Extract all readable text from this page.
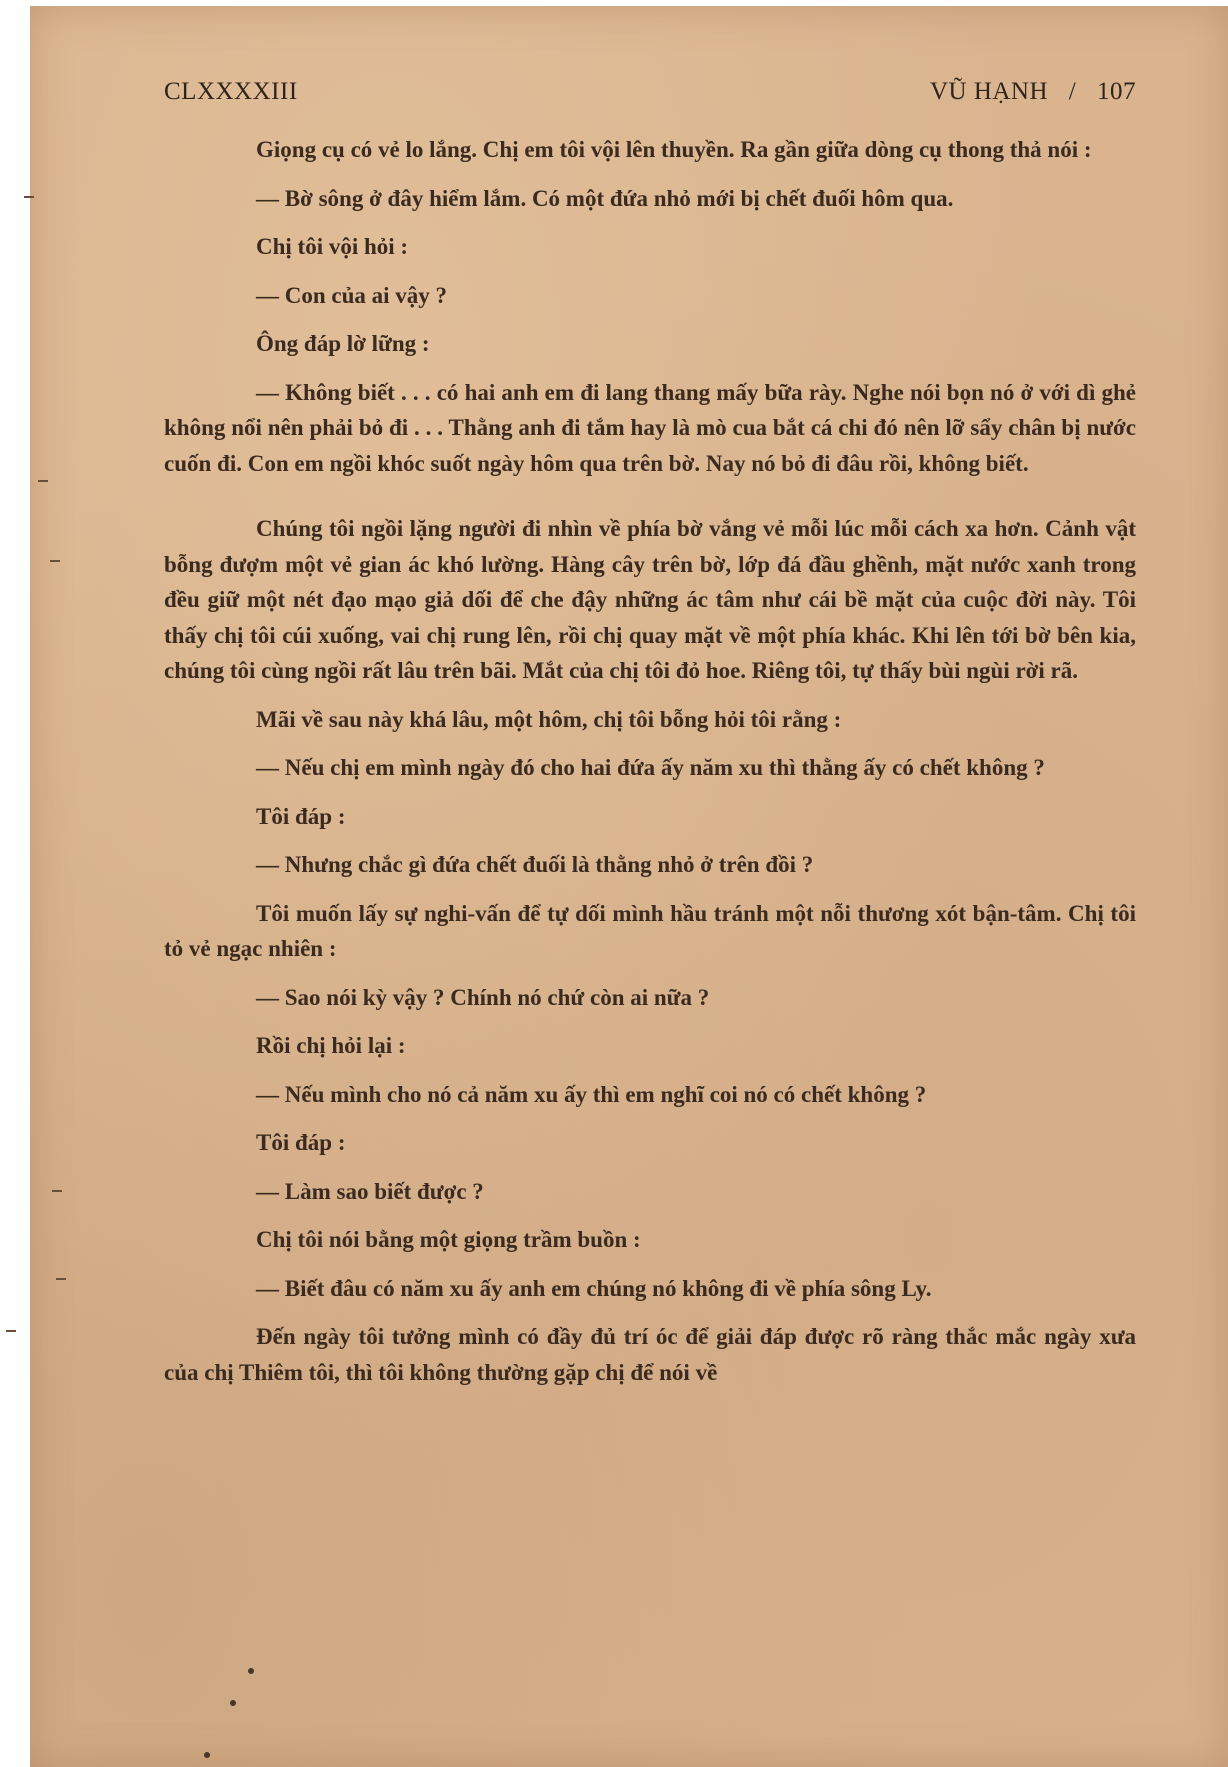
CLXXXXIII	VŨ HẠNH / 107

Giọng cụ có vẻ lo lắng. Chị em tôi vội lên thuyền. Ra gần giữa dòng cụ thong thả nói :

— Bờ sông ở đây hiểm lắm. Có một đứa nhỏ mới bị chết đuối hôm qua.

Chị tôi vội hỏi :

— Con của ai vậy ?

Ông đáp lờ lững :

— Không biết . . . có hai anh em đi lang thang mấy bữa rày. Nghe nói bọn nó ở với dì ghẻ không nổi nên phải bỏ đi . . . Thằng anh đi tắm hay là mò cua bắt cá chi đó nên lỡ sẩy chân bị nước cuốn đi. Con em ngồi khóc suốt ngày hôm qua trên bờ. Nay nó bỏ đi đâu rồi, không biết.

Chúng tôi ngồi lặng người đi nhìn về phía bờ vắng vẻ mỗi lúc mỗi cách xa hơn. Cảnh vật bỗng đượm một vẻ gian ác khó lường. Hàng cây trên bờ, lớp đá đầu ghềnh, mặt nước xanh trong đều giữ một nét đạo mạo giả dối để che đậy những ác tâm như cái bề mặt của cuộc đời này. Tôi thấy chị tôi cúi xuống, vai chị rung lên, rồi chị quay mặt về một phía khác. Khi lên tới bờ bên kia, chúng tôi cùng ngồi rất lâu trên bãi. Mắt của chị tôi đỏ hoe. Riêng tôi, tự thấy bùi ngùi rời rã.

Mãi về sau này khá lâu, một hôm, chị tôi bỗng hỏi tôi rằng :

— Nếu chị em mình ngày đó cho hai đứa ấy năm xu thì thằng ấy có chết không ?

Tôi đáp :

— Nhưng chắc gì đứa chết đuối là thằng nhỏ ở trên đồi ?

Tôi muốn lấy sự nghi-vấn để tự dối mình hầu tránh một nỗi thương xót bận-tâm. Chị tôi tỏ vẻ ngạc nhiên :

— Sao nói kỳ vậy ? Chính nó chứ còn ai nữa ?

Rồi chị hỏi lại :

— Nếu mình cho nó cả năm xu ấy thì em nghĩ coi nó có chết không ?

Tôi đáp :

— Làm sao biết được ?

Chị tôi nói bằng một giọng trầm buồn :

— Biết đâu có năm xu ấy anh em chúng nó không đi về phía sông Ly.

Đến ngày tôi tưởng mình có đầy đủ trí óc để giải đáp được rõ ràng thắc mắc ngày xưa của chị Thiêm tôi, thì tôi không thường gặp chị để nói về
